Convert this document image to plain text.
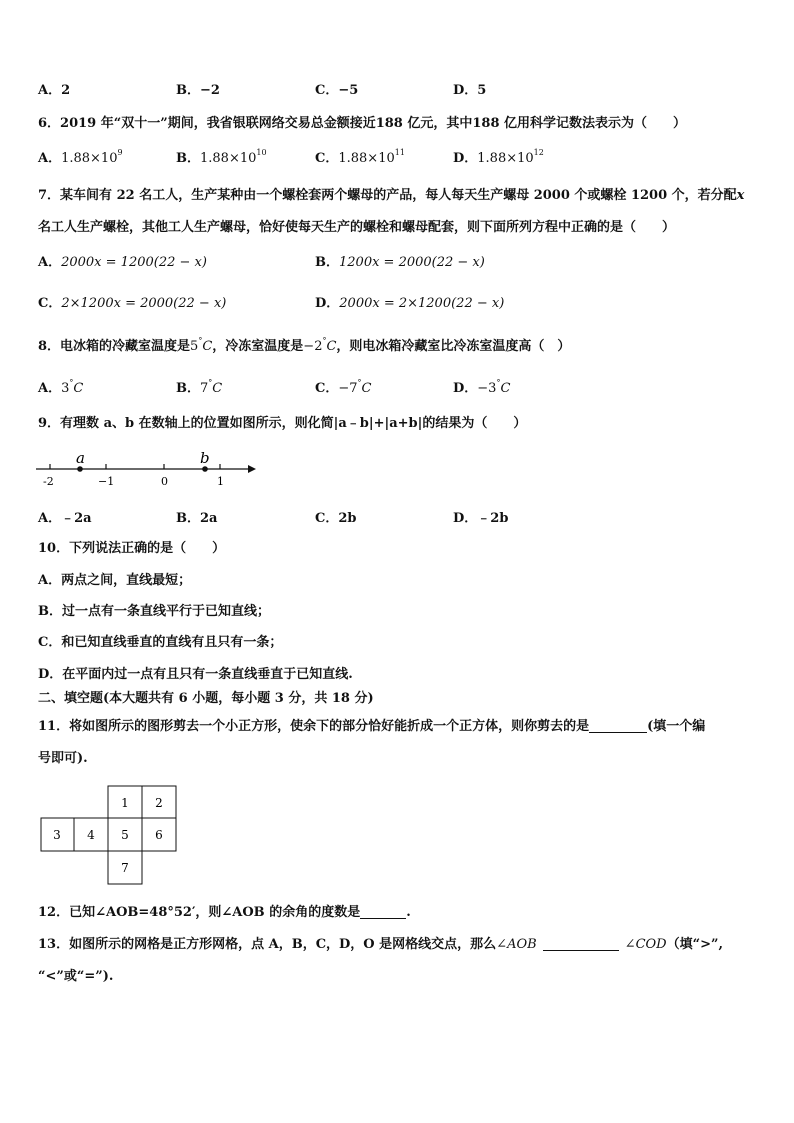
A．2	B．−2	C．−5	D．5
6．2019 年“双十一”期间，我省银联网络交易总金额接近188 亿元，其中188 亿用科学记数法表示为（　　）
A．$1.88\times 10^9$	B．$1.88\times 10^{10}$	C．$1.88\times 10^{11}$	D．$1.88\times 10^{12}$
7．某车间有 22 名工人，生产某种由一个螺栓套两个螺母的产品，每人每天生产螺母 2000 个或螺栓 1200 个，若分配x
名工人生产螺栓，其他工人生产螺母，恰好使每天生产的螺栓和螺母配套，则下面所列方程中正确的是（　　）
A．2000x = 1200(22 − x)	B．1200x = 2000(22 − x)
C．2×1200x = 2000(22 − x)	D．2000x = 2×1200(22 − x)
8．电冰箱的冷藏室温度是5°C，冷冻室温度是−2°C，则电冰箱冷藏室比冷冻室温度高（　）
A．3°C	B．7°C	C．−7°C	D．−3°C
9．有理数 a、b 在数轴上的位置如图所示，则化简|a﹣b|+|a+b|的结果为（　　）
a	b
-2	−1	0	1
A．﹣2a	B．2a	C．2b	D．﹣2b
10．下列说法正确的是（　　）
A．两点之间，直线最短；
B．过一点有一条直线平行于已知直线；
C．和已知直线垂直的直线有且只有一条；
D．在平面内过一点有且只有一条直线垂直于已知直线.
二、填空题(本大题共有 6 小题，每小题 3 分，共 18 分)
11．将如图所示的图形剪去一个小正方形，使余下的部分恰好能折成一个正方体，则你剪去的是	(填一个编
号即可).
1 2
3 4 5 6
7
12．已知∠AOB=48°52′，则∠AOB 的余角的度数是	.
13．如图所示的网格是正方形网格，点 A，B，C，D，O 是网格线交点，那么∠AOB	∠COD（填“>”,
“<”或“=”).
